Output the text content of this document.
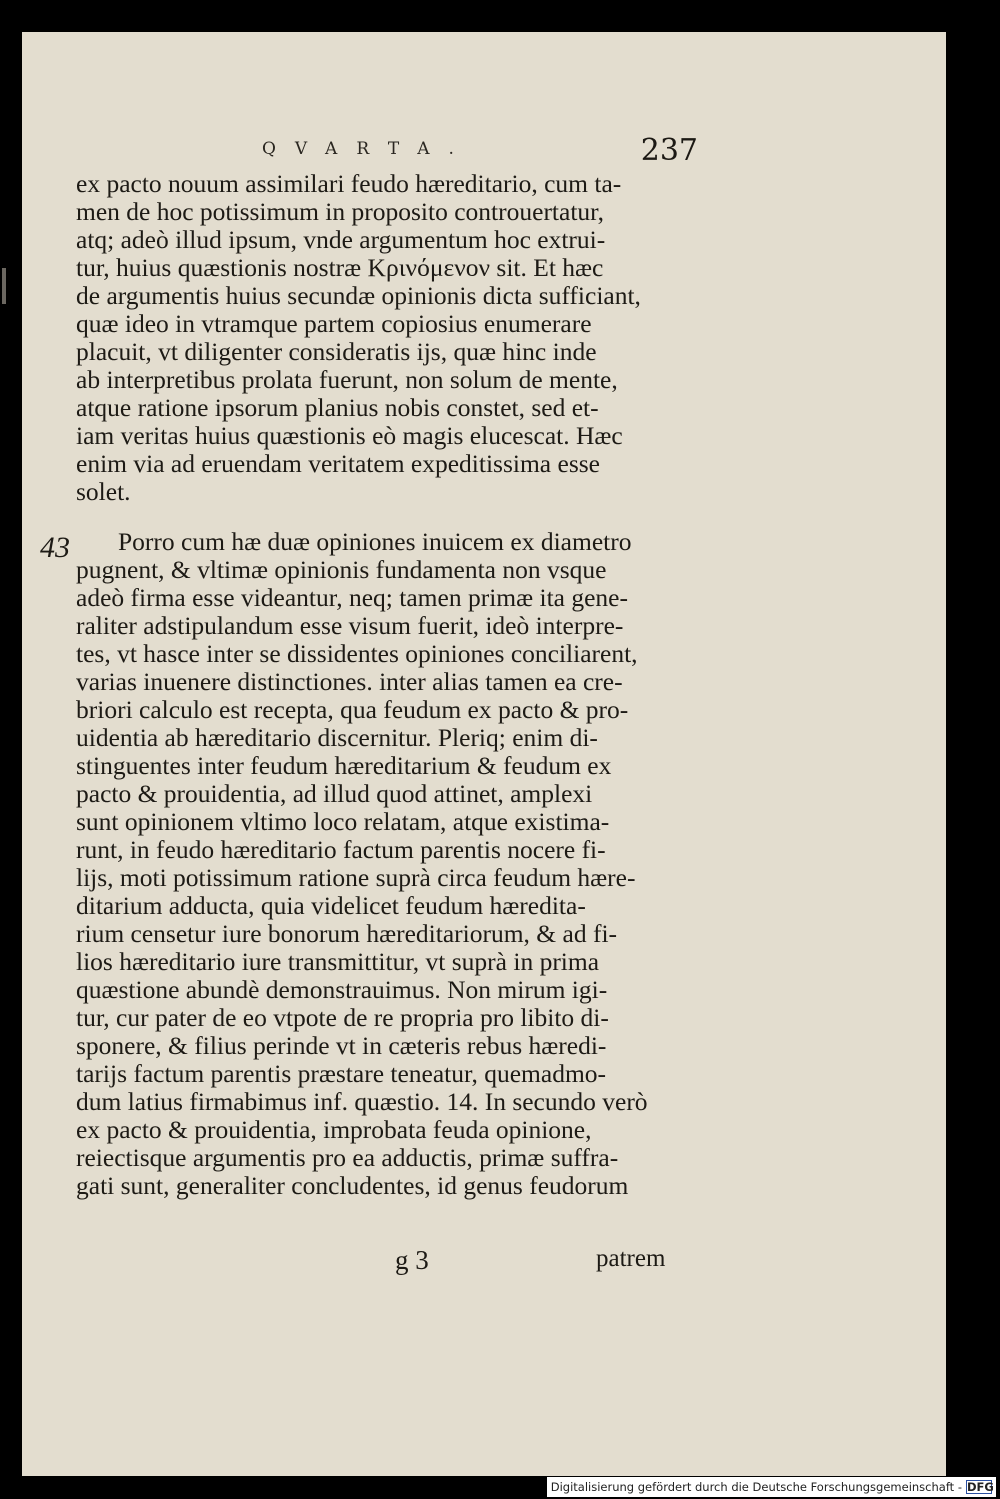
QVARTA.	237
ex pacto nouum assimilari feudo hæreditario, cum ta-
men de hoc potissimum in proposito controuertatur,
atq; adeò illud ipsum, vnde argumentum hoc extrui-
tur, huius quæstionis nostræ Κρινόμενον sit. Et hæc
de argumentis huius secundæ opinionis dicta sufficiant,
quæ ideo in vtramque partem copiosius enumerare
placuit, vt diligenter consideratis ijs, quæ hinc inde
ab interpretibus prolata fuerunt, non solum de mente,
atque ratione ipsorum planius nobis constet, sed et-
iam veritas huius quæstionis eò magis elucescat. Hæc
enim via ad eruendam veritatem expeditissima esse
solet.
Porro cum hæ duæ opiniones inuicem ex diametro
pugnent, & vltimæ opinionis fundamenta non vsque
adeò firma esse videantur, neq; tamen primæ ita gene-
raliter adstipulandum esse visum fuerit, ideò interpre-
tes, vt hasce inter se dissidentes opiniones conciliarent,
varias inuenere distinctiones. inter alias tamen ea cre-
briori calculo est recepta, qua feudum ex pacto & pro-
uidentia ab hæreditario discernitur. Pleriq; enim di-
stinguentes inter feudum hæreditarium & feudum ex
pacto & prouidentia, ad illud quod attinet, amplexi
sunt opinionem vltimo loco relatam, atque existima-
runt, in feudo hæreditario factum parentis nocere fi-
lijs, moti potissimum ratione suprà circa feudum hære-
ditarium adducta, quia videlicet feudum hæredita-
rium censetur iure bonorum hæreditariorum, & ad fi-
lios hæreditario iure transmittitur, vt suprà in prima
quæstione abundè demonstrauimus. Non mirum igi-
tur, cur pater de eo vtpote de re propria pro libito di-
sponere, & filius perinde vt in cæteris rebus hæredi-
tarijs factum parentis præstare teneatur, quemadmo-
dum latius firmabimus inf. quæstio. 14. In secundo verò
ex pacto & prouidentia, improbata feuda opinione,
reiectisque argumentis pro ea adductis, primæ suffra-
gati sunt, generaliter concludentes, id genus feudorum
43
g 3	patrem
Digitalisierung gefördert durch die Deutsche Forschungsgemeinschaft - DFG
